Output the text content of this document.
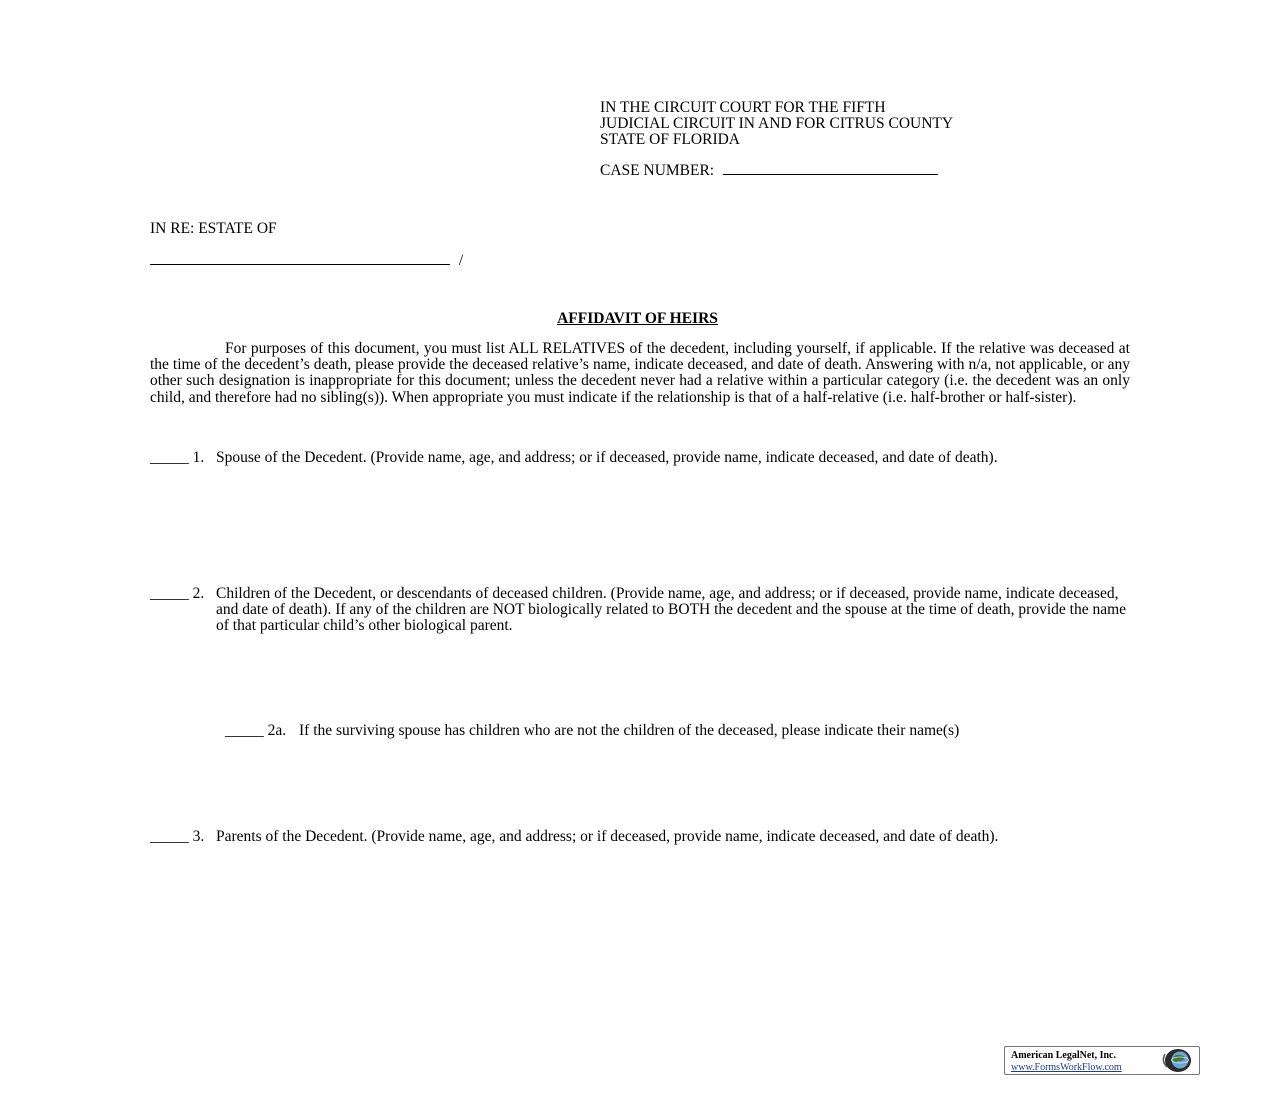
IN THE CIRCUIT COURT FOR THE FIFTH
JUDICIAL CIRCUIT IN AND FOR CITRUS COUNTY
STATE OF FLORIDA
CASE NUMBER:
IN RE: ESTATE OF
/
AFFIDAVIT OF HEIRS
For purposes of this document, you must list ALL RELATIVES of the decedent, including yourself, if applicable. If the relative was deceased at the time of the decedent’s death, please provide the deceased relative’s name, indicate deceased, and date of death. Answering with n/a, not applicable, or any other such designation is inappropriate for this document; unless the decedent never had a relative within a particular category (i.e. the decedent was an only child, and therefore had no sibling(s)). When appropriate you must indicate if the relationship is that of a half-relative (i.e. half-brother or half-sister).
_____ 1. Spouse of the Decedent. (Provide name, age, and address; or if deceased, provide name, indicate deceased, and date of death).
_____ 2. Children of the Decedent, or descendants of deceased children. (Provide name, age, and address; or if deceased, provide name, indicate deceased, and date of death). If any of the children are NOT biologically related to BOTH the decedent and the spouse at the time of death, provide the name of that particular child’s other biological parent.
_____ 2a. If the surviving spouse has children who are not the children of the deceased, please indicate their name(s)
_____ 3. Parents of the Decedent. (Provide name, age, and address; or if deceased, provide name, indicate deceased, and date of death).
American LegalNet, Inc.
www.FormsWorkFlow.com
